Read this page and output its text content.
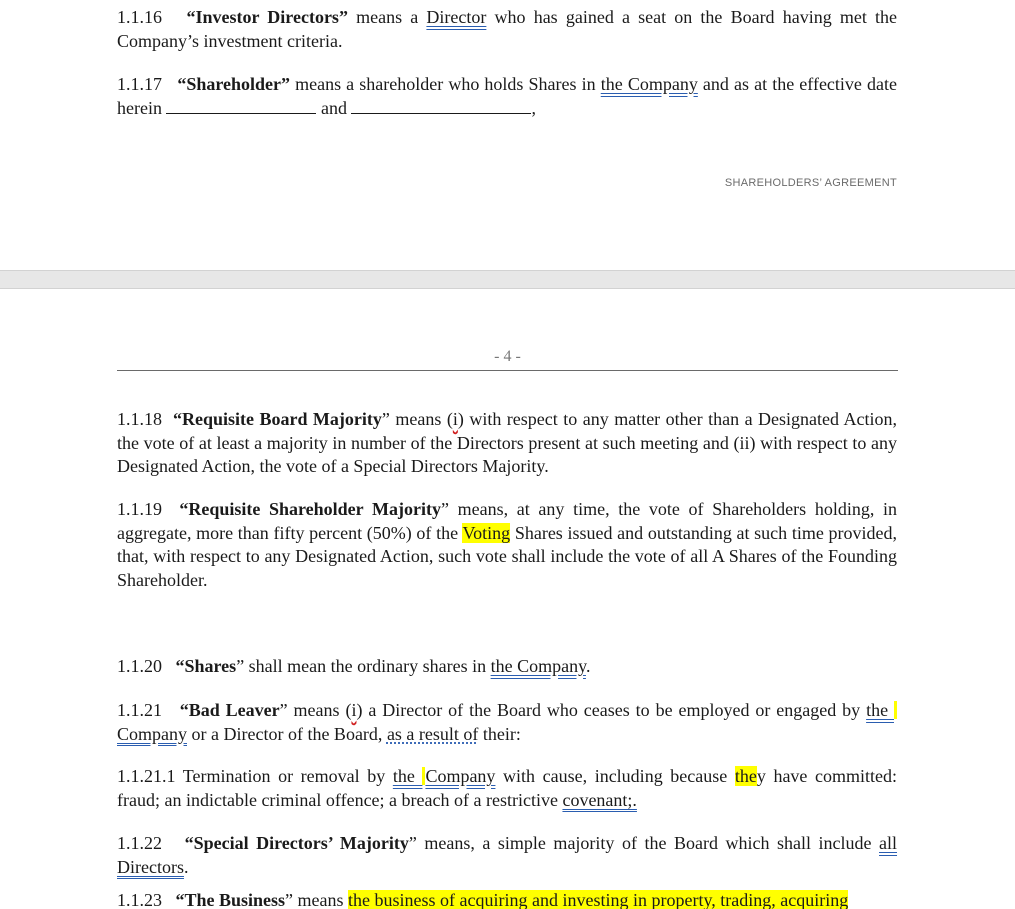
1.1.16 “Investor Directors” means a Director who has gained a seat on the Board having met the Company’s investment criteria.

1.1.17 “Shareholder” means a shareholder who holds Shares in the Company and as at the effective date herein	and	,

SHAREHOLDERS’ AGREEMENT
- 4 -

1.1.18 “Requisite Board Majority” means (i) with respect to any matter other than a Designated Action, the vote of at least a majority in number of the Directors present at such meeting and (ii) with respect to any Designated Action, the vote of a Special Directors Majority.

1.1.19 “Requisite Shareholder Majority” means, at any time, the vote of Shareholders holding, in aggregate, more than fifty percent (50%) of the Voting Shares issued and outstanding at such time provided, that, with respect to any Designated Action, such vote shall include the vote of all A Shares of the Founding Shareholder.

1.1.20 “Shares” shall mean the ordinary shares in the Company.

1.1.21 “Bad Leaver” means (i) a Director of the Board who ceases to be employed or engaged by the Company or a Director of the Board, as a result of their:

1.1.21.1 Termination or removal by the Company with cause, including because they have committed: fraud; an indictable criminal offence; a breach of a restrictive covenant;.

1.1.22 “Special Directors’ Majority” means, a simple majority of the Board which shall include all Directors.

1.1.23 “The Business” means the business of acquiring and investing in property, trading, acquiring
